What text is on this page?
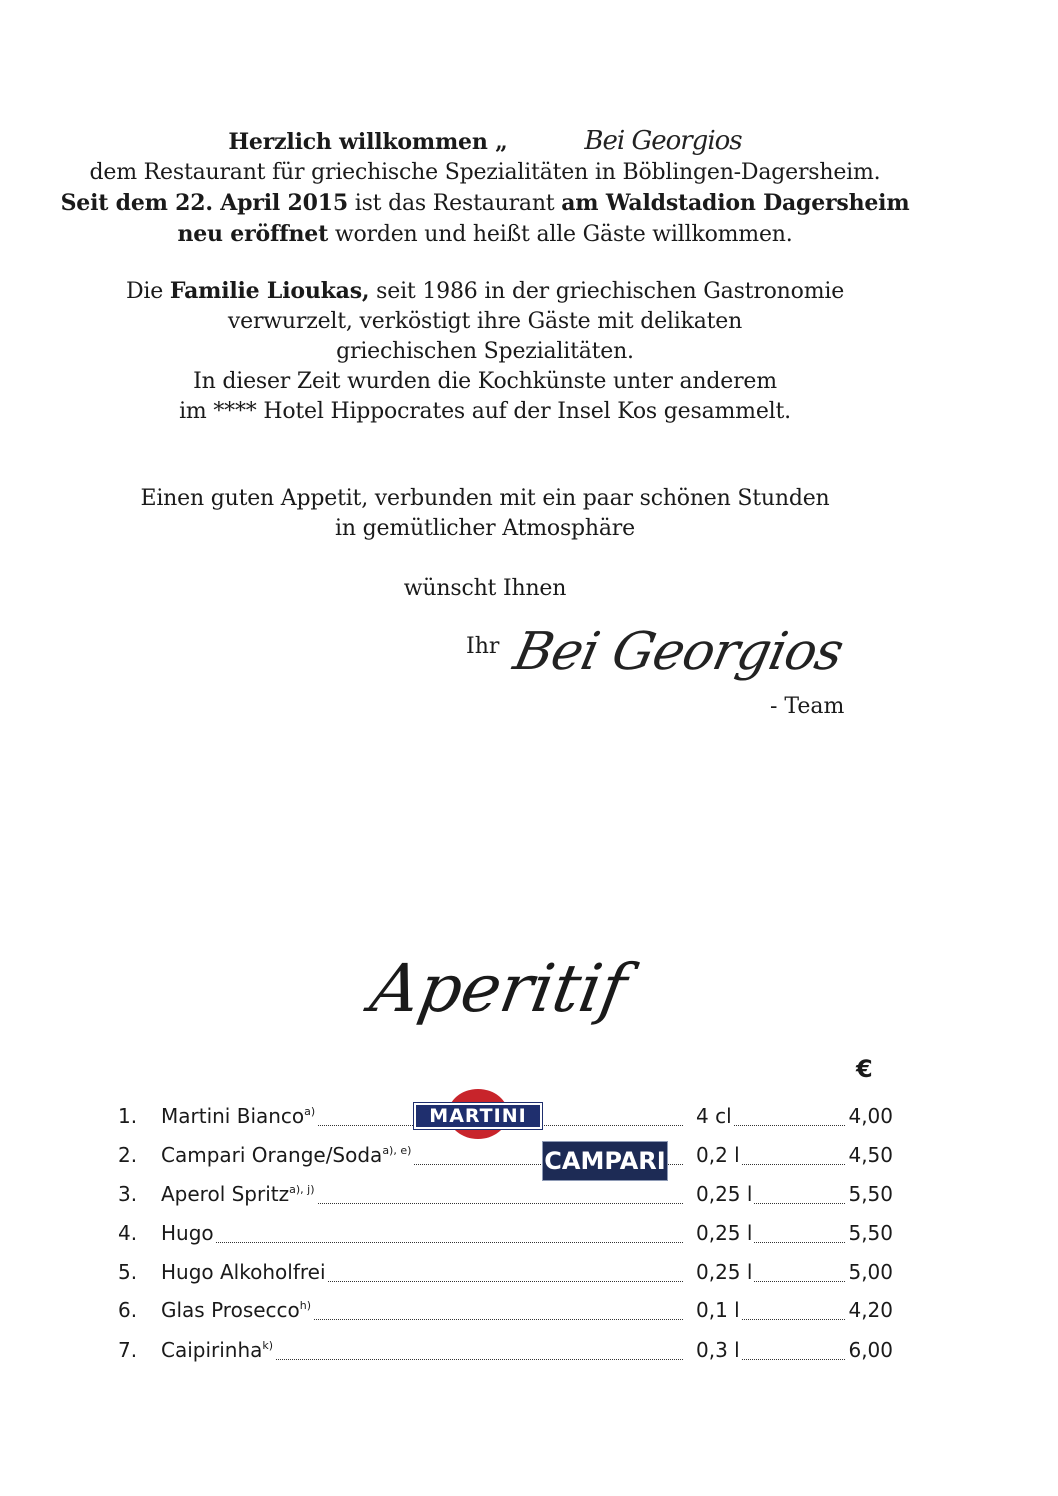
Herzlich willkommen „	Bei Georgios
dem Restaurant für griechische Spezialitäten in Böblingen-Dagersheim.
Seit dem 22. April 2015 ist das Restaurant am Waldstadion Dagersheim
neu eröffnet worden und heißt alle Gäste willkommen.
Die Familie Lioukas, seit 1986 in der griechischen Gastronomie
verwurzelt, verköstigt ihre Gäste mit delikaten
griechischen Spezialitäten.
In dieser Zeit wurden die Kochkünste unter anderem
im **** Hotel Hippocrates auf der Insel Kos gesammelt.
Einen guten Appetit, verbunden mit ein paar schönen Stunden
in gemütlicher Atmosphäre
wünscht Ihnen
Ihr Bei Georgios
- Team
Aperitif
€
1.	Martini Bianco$^{a)}$	4 cl	4,00
2.	Campari Orange/Soda$^{a), e)}$	0,2 l	4,50
3.	Aperol Spritz$^{a), j)}$	0,25 l	5,50
4.	Hugo	0,25 l	5,50
5.	Hugo Alkoholfrei	0,25 l	5,00
6.	Glas Prosecco$^{h)}$	0,1 l	4,20
7.	Caipirinha$^{k)}$	0,3 l	6,00
MARTINI
CAMPARI
